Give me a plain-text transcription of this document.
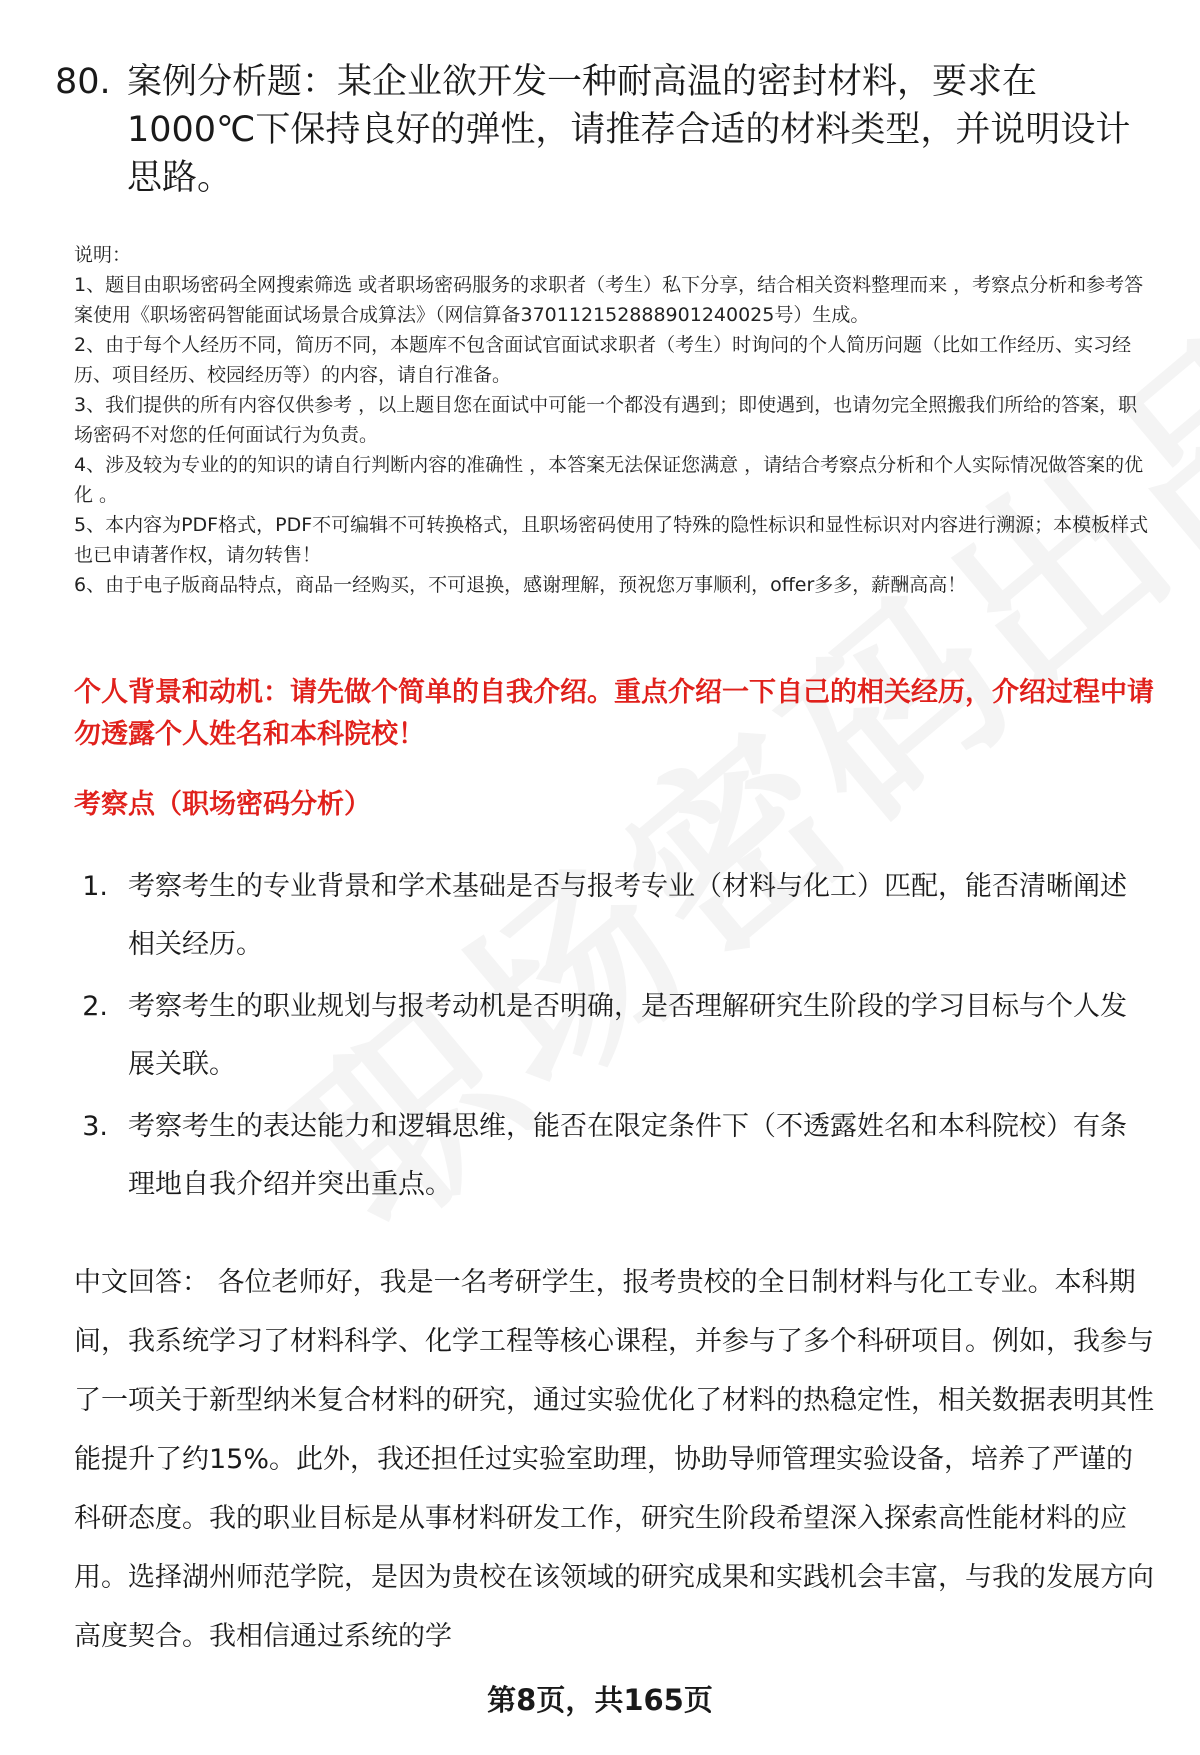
80. 案例分析题：某企业欲开发一种耐高温的密封材料，要求在1000℃下保持良好的弹性，请推荐合适的材料类型，并说明设计思路。

说明：

1、题目由职场密码全网搜索筛选 或者职场密码服务的求职者（考生）私下分享，结合相关资料整理而来 ，考察点分析和参考答案使用《职场密码智能面试场景合成算法》（网信算备370112152888901240025号）生成。

2、由于每个人经历不同，简历不同，本题库不包含面试官面试求职者（考生）时询问的个人简历问题（比如工作经历、实习经历、项目经历、校园经历等）的内容，请自行准备。

3、我们提供的所有内容仅供参考 ，以上题目您在面试中可能一个都没有遇到；即使遇到，也请勿完全照搬我们所给的答案，职场密码不对您的任何面试行为负责。

4、涉及较为专业的的知识的请自行判断内容的准确性 ，本答案无法保证您满意 ，请结合考察点分析和个人实际情况做答案的优化 。

5、本内容为PDF格式，PDF不可编辑不可转换格式，且职场密码使用了特殊的隐性标识和显性标识对内容进行溯源；本模板样式也已申请著作权，请勿转售！

6、由于电子版商品特点，商品一经购买，不可退换，感谢理解，预祝您万事顺利，offer多多，薪酬高高！

个人背景和动机：请先做个简单的自我介绍。重点介绍一下自己的相关经历，介绍过程中请勿透露个人姓名和本科院校！

考察点（职场密码分析）

1. 考察考生的专业背景和学术基础是否与报考专业（材料与化工）匹配，能否清晰阐述相关经历。
2. 考察考生的职业规划与报考动机是否明确，是否理解研究生阶段的学习目标与个人发展关联。
3. 考察考生的表达能力和逻辑思维，能否在限定条件下（不透露姓名和本科院校）有条理地自我介绍并突出重点。

中文回答： 各位老师好，我是一名考研学生，报考贵校的全日制材料与化工专业。本科期间，我系统学习了材料科学、化学工程等核心课程，并参与了多个科研项目。例如，我参与了一项关于新型纳米复合材料的研究，通过实验优化了材料的热稳定性，相关数据表明其性能提升了约15%。此外，我还担任过实验室助理，协助导师管理实验设备，培养了严谨的科研态度。我的职业目标是从事材料研发工作，研究生阶段希望深入探索高性能材料的应用。选择湖州师范学院，是因为贵校在该领域的研究成果和实践机会丰富，与我的发展方向高度契合。我相信通过系统的学

第8页，共165页
